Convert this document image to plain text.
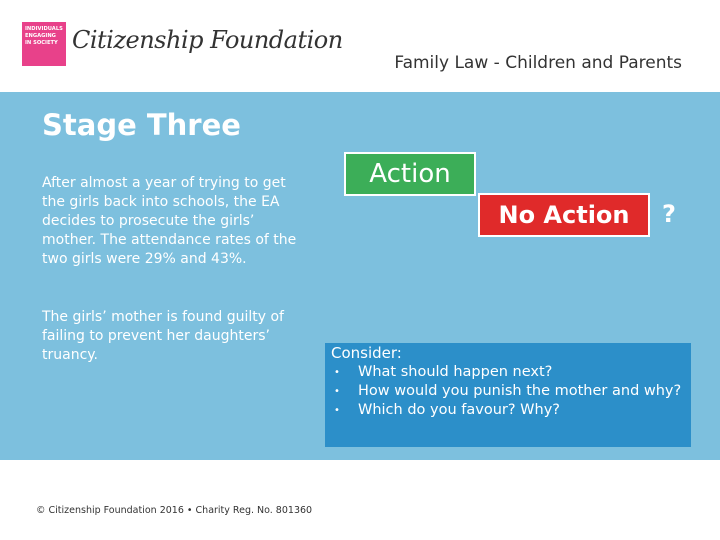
INDIVIDUALS ENGAGING IN SOCIETY Citizenship Foundation
Family Law - Children and Parents
Stage Three
After almost a year of trying to get the girls back into schools, the EA decides to prosecute the girls’ mother. The attendance rates of the two girls were 29% and 43%.
The girls’ mother is found guilty of failing to prevent her daughters’ truancy.
Action
No Action	?
Consider:
• What should happen next?
• How would you punish the mother and why?
• Which do you favour? Why?
© Citizenship Foundation 2016 • Charity Reg. No. 801360
